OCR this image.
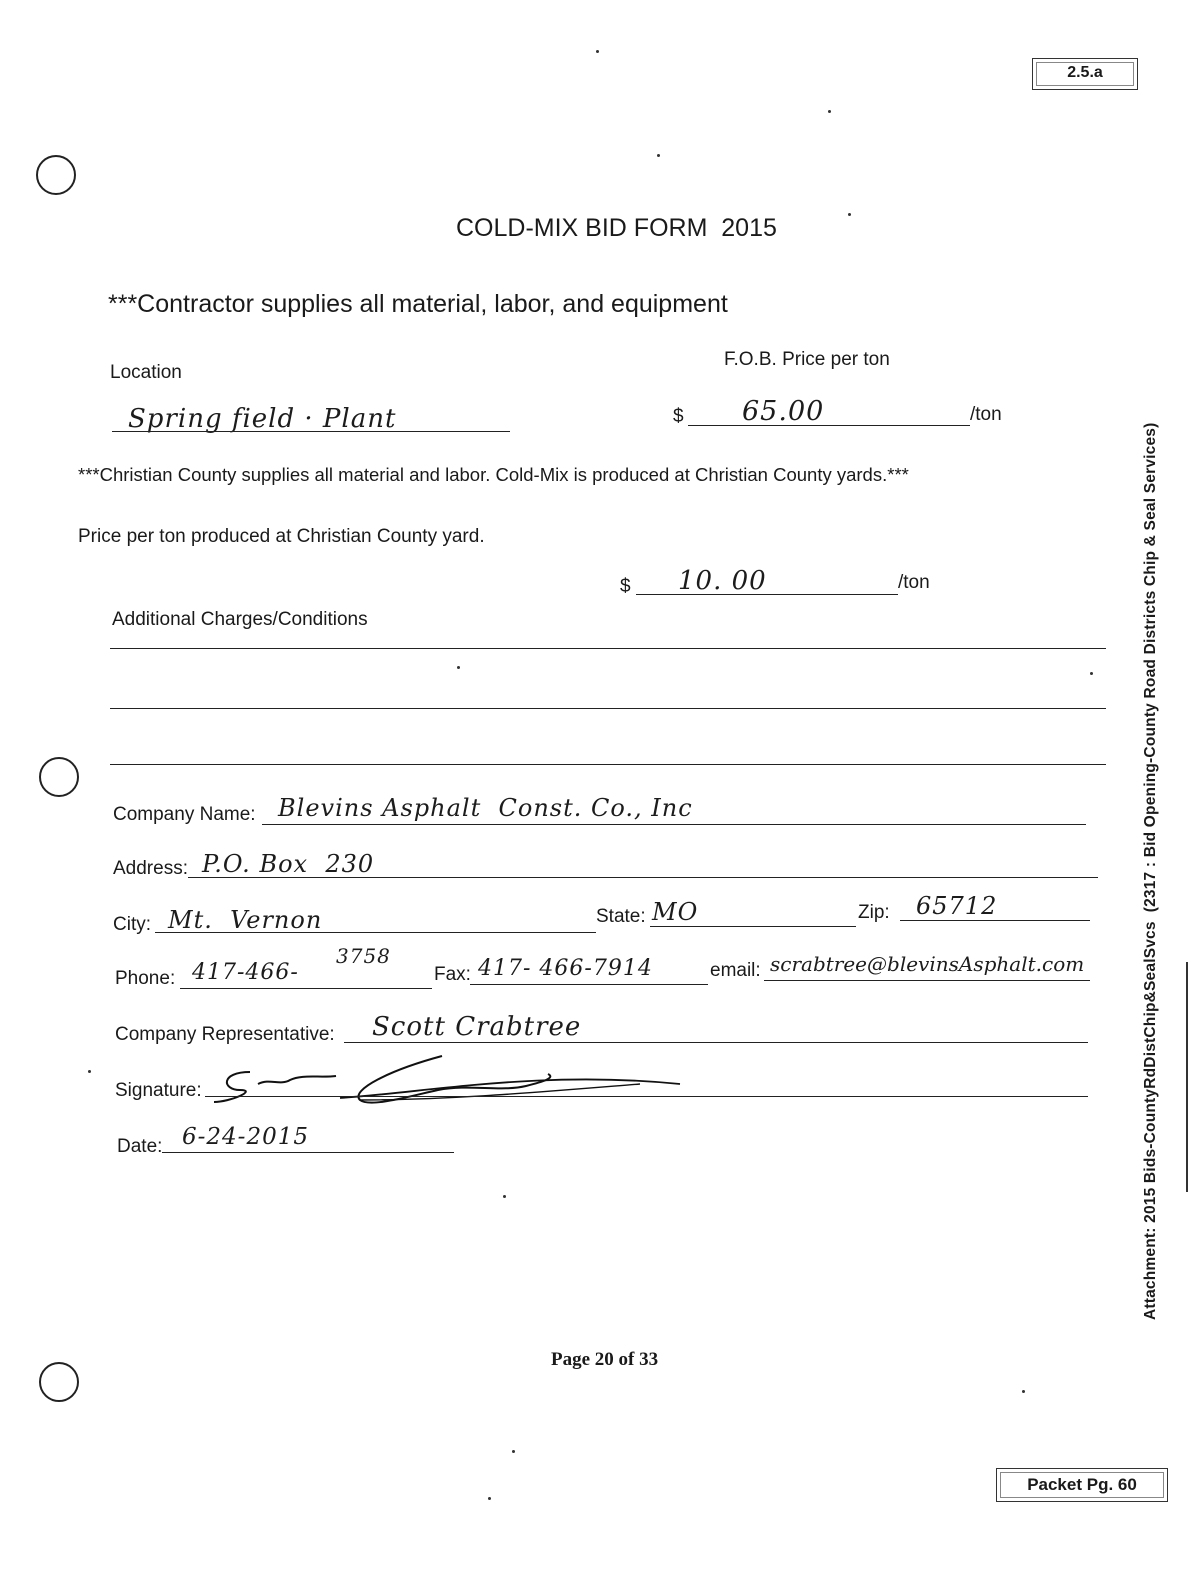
2.5.a
COLD-MIX BID FORM  2015
***Contractor supplies all material, labor, and equipment
Location
F.O.B. Price per ton
Spring field · Plant	$ 65.00	/ton
***Christian County supplies all material and labor. Cold-Mix is produced at Christian County yards.***
Price per ton produced at Christian County yard.
$ 10. 00	/ton
Additional Charges/Conditions
Company Name: Blevins Asphalt  Const. Co., Inc
Address: P.O. Box  230
City: Mt.  Vernon	State: MO	Zip: 65712
Phone: 417-466-
3758
Fax: 417- 466-7914	email: scrabtree@blevinsAsphalt.com
Company Representative: Scott Crabtree
Signature:
Date: 6-24-2015
Page 20 of 33
Packet Pg. 60
Attachment: 2015 Bids-CountyRdDistChip&SealSvcs  (2317 : Bid Opening-County Road Districts Chip & Seal Services)
